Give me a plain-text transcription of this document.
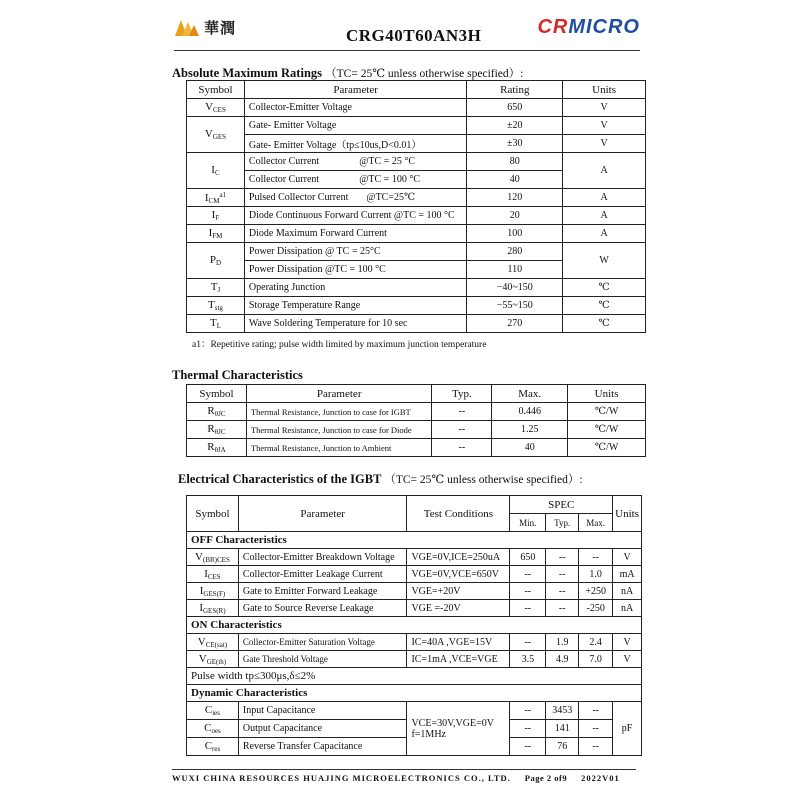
華潤	CRG40T60AN3H	CRMICRO
Absolute Maximum Ratings （TC= 25℃ unless otherwise specified）:
Symbol	Parameter	Rating	Units
$V_{CES}$	Collector-Emitter Voltage	650	V
$V_{GES}$	Gate- Emitter Voltage	±20	V
	Gate- Emitter Voltage（tp≤10us,D<0.01）	±30	V
$I_C$	Collector Current @TC = 25 °C	80	A
	Collector Current @TC = 100 °C	40	
$I_{CM}^{a1}$	Pulsed Collector Current @TC=25℃	120	A
$I_F$	Diode Continuous Forward Current @TC = 100 °C	20	A
$I_{FM}$	Diode Maximum Forward Current	100	A
$P_D$	Power Dissipation @ TC = 25°C	280	W
	Power Dissipation @TC = 100 °C	110	
$T_J$	Operating Junction	−40~150	℃
$T_{stg}$	Storage Temperature Range	−55~150	℃
$T_L$	Wave Soldering Temperature for 10 sec	270	℃
a1：Repetitive rating; pulse width limited by maximum junction temperature
Thermal Characteristics
Symbol	Parameter	Typ.	Max.	Units
$R_{\theta JC}$	Thermal Resistance, Junction to case for IGBT	--	0.446	℃/W
$R_{\theta JC}$	Thermal Resistance, Junction to case for Diode	--	1.25	℃/W
$R_{\theta JA}$	Thermal Resistance, Junction to Ambient	--	40	℃/W
Electrical Characteristics of the IGBT （TC= 25℃ unless otherwise specified）:
Symbol	Parameter	Test Conditions	SPEC			Units
			Min.	Typ.	Max.	
OFF Characteristics						
$V_{(BR)CES}$	Collector-Emitter Breakdown Voltage	VGE=0V,ICE=250uA	650	--	--	V
$I_{CES}$	Collector-Emitter Leakage Current	VGE=0V,VCE=650V	--	--	1.0	mA
$I_{GES(F)}$	Gate to Emitter Forward Leakage	VGE=+20V	--	--	+250	nA
$I_{GES(R)}$	Gate to Source Reverse Leakage	VGE =-20V	--	--	-250	nA
ON Characteristics						
$V_{CE(sat)}$	Collector-Emitter Saturation Voltage	IC=40A ,VGE=15V	--	1.9	2.4	V
$V_{GE(th)}$	Gate Threshold Voltage	IC=1mA ,VCE=VGE	3.5	4.9	7.0	V
Pulse width tp≤300μs,δ≤2%						
Dynamic Characteristics						
$C_{ies}$	Input Capacitance	VCE=30V,VGE=0V f=1MHz	--	3453	--	pF
$C_{oes}$	Output Capacitance		--	141	--	
$C_{res}$	Reverse Transfer Capacitance		--	76	--	
WUXI CHINA RESOURCES HUAJING MICROELECTRONICS CO., LTD. Page 2 of9 2022V01
